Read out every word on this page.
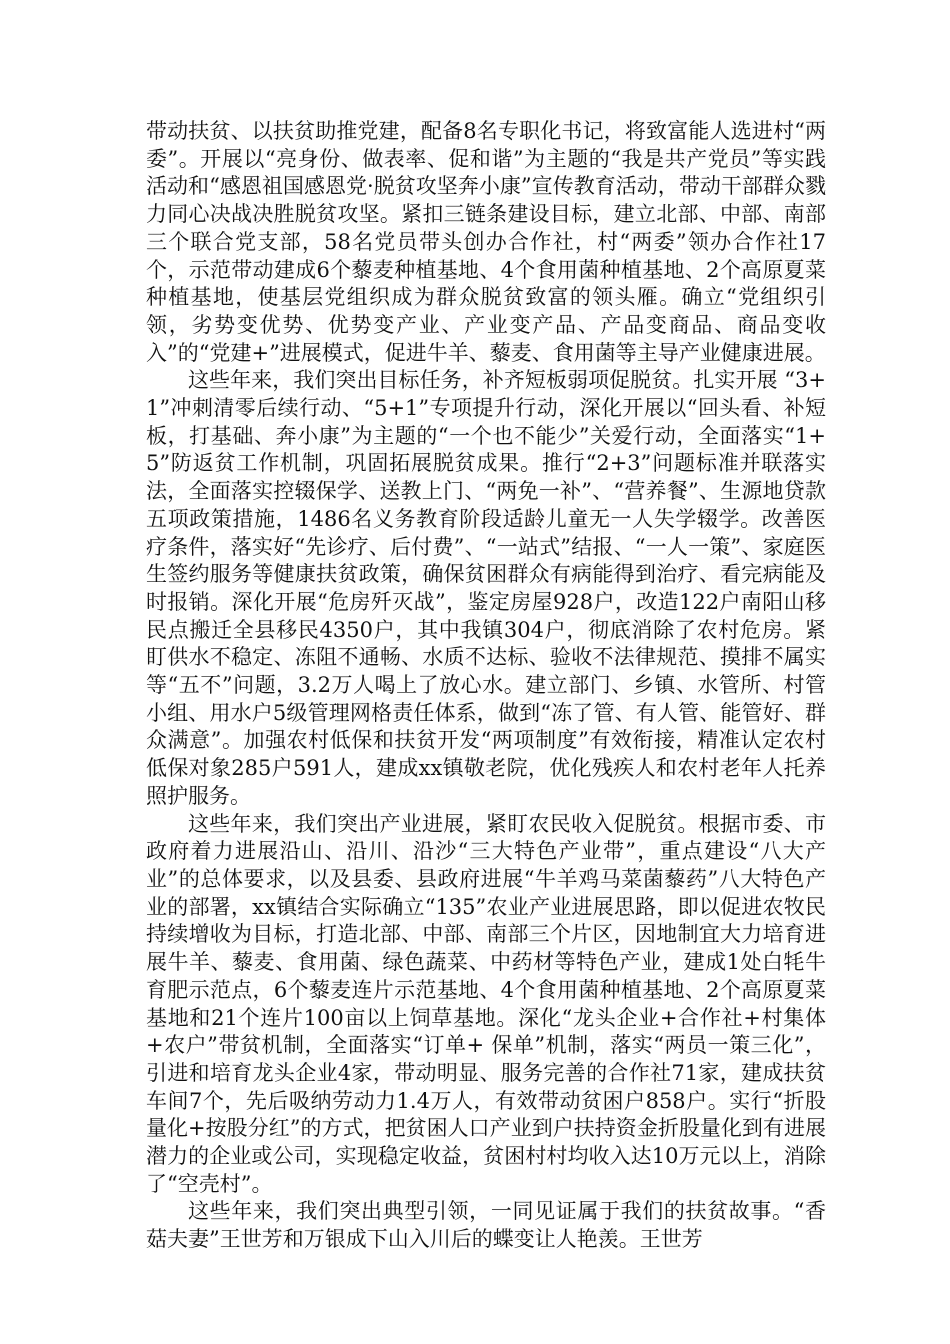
带动扶贫、以扶贫助推党建，配备8名专职化书记，将致富能人选进村“两委”。开展以“亮身份、做表率、促和谐”为主题的“我是共产党员”等实践活动和“感恩祖国感恩党·脱贫攻坚奔小康”宣传教育活动，带动干部群众戮力同心决战决胜脱贫攻坚。紧扣三链条建设目标，建立北部、中部、南部三个联合党支部，58名党员带头创办合作社，村“两委”领办合作社17个，示范带动建成6个藜麦种植基地、4个食用菌种植基地、2个高原夏菜种植基地，使基层党组织成为群众脱贫致富的领头雁。确立“党组织引领，劣势变优势、优势变产业、产业变产品、产品变商品、商品变收入”的“党建+”进展模式，促进牛羊、藜麦、食用菌等主导产业健康进展。

这些年来，我们突出目标任务，补齐短板弱项促脱贫。扎实开展 “3+1”冲刺清零后续行动、“5+1”专项提升行动，深化开展以“回头看、补短板，打基础、奔小康”为主题的“一个也不能少”关爱行动，全面落实“1+5”防返贫工作机制，巩固拓展脱贫成果。推行“2+3”问题标准并联落实法，全面落实控辍保学、送教上门、“两免一补”、“营养餐”、生源地贷款五项政策措施，1486名义务教育阶段适龄儿童无一人失学辍学。改善医疗条件，落实好“先诊疗、后付费”、“一站式”结报、“一人一策”、家庭医生签约服务等健康扶贫政策，确保贫困群众有病能得到治疗、看完病能及时报销。深化开展“危房歼灭战”，鉴定房屋928户，改造122户南阳山移民点搬迁全县移民4350户，其中我镇304户，彻底消除了农村危房。紧盯供水不稳定、冻阻不通畅、水质不达标、验收不法律规范、摸排不属实等“五不”问题，3.2万人喝上了放心水。建立部门、乡镇、水管所、村管小组、用水户5级管理网格责任体系，做到“冻了管、有人管、能管好、群众满意”。加强农村低保和扶贫开发“两项制度”有效衔接，精准认定农村低保对象285户591人，建成xx镇敬老院，优化残疾人和农村老年人托养照护服务。

这些年来，我们突出产业进展，紧盯农民收入促脱贫。根据市委、市政府着力进展沿山、沿川、沿沙“三大特色产业带”，重点建设“八大产业”的总体要求，以及县委、县政府进展“牛羊鸡马菜菌藜药”八大特色产业的部署，xx镇结合实际确立“135”农业产业进展思路，即以促进农牧民持续增收为目标，打造北部、中部、南部三个片区，因地制宜大力培育进展牛羊、藜麦、食用菌、绿色蔬菜、中药材等特色产业，建成1处白牦牛育肥示范点，6个藜麦连片示范基地、4个食用菌种植基地、2个高原夏菜基地和21个连片100亩以上饲草基地。深化“龙头企业+合作社+村集体+农户”带贫机制，全面落实“订单+ 保单”机制，落实“两员一策三化”，引进和培育龙头企业4家，带动明显、服务完善的合作社71家，建成扶贫车间7个，先后吸纳劳动力1.4万人，有效带动贫困户858户。实行“折股量化+按股分红”的方式，把贫困人口产业到户扶持资金折股量化到有进展潜力的企业或公司，实现稳定收益，贫困村村均收入达10万元以上，消除了“空壳村”。

这些年来，我们突出典型引领，一同见证属于我们的扶贫故事。“香菇夫妻”王世芳和万银成下山入川后的蝶变让人艳羡。王世芳
